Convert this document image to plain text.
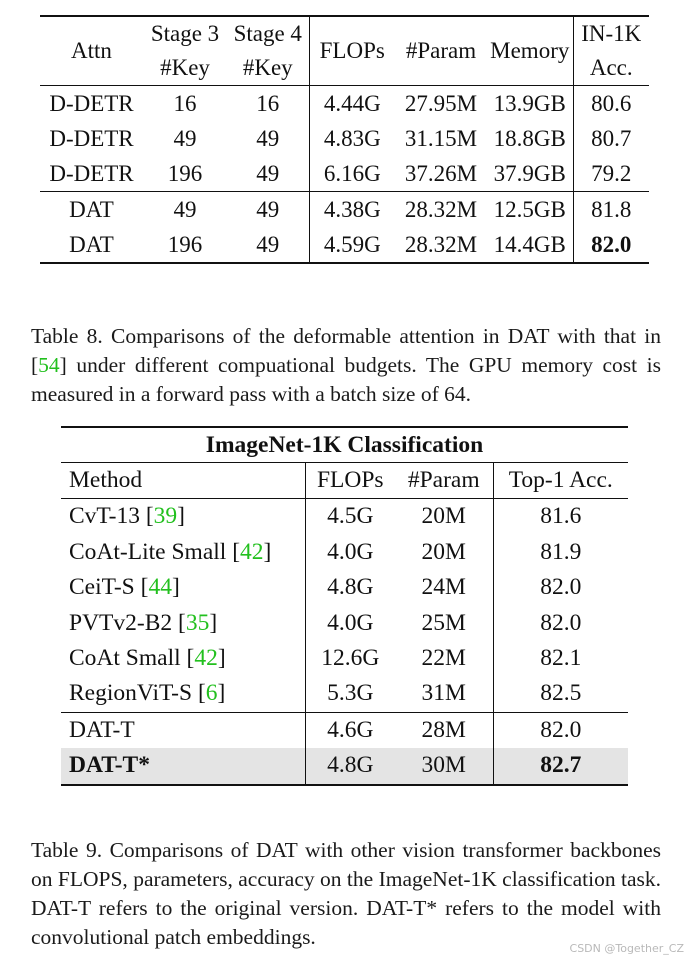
Attn	Stage 3	Stage 4	FLOPs	#Param	Memory	IN-1K
	#Key	#Key				Acc.
D-DETR	16	16	4.44G	27.95M	13.9GB	80.6
D-DETR	49	49	4.83G	31.15M	18.8GB	80.7
D-DETR	196	49	6.16G	37.26M	37.9GB	79.2
DAT	49	49	4.38G	28.32M	12.5GB	81.8
DAT	196	49	4.59G	28.32M	14.4GB	82.0
Table 8. Comparisons of the deformable attention in DAT with that in [54] under different compuational budgets. The GPU memory cost is measured in a forward pass with a batch size of 64.
ImageNet-1K Classification			
Method	FLOPs	#Param	Top-1 Acc.
CvT-13 [39]	4.5G	20M	81.6
CoAt-Lite Small [42]	4.0G	20M	81.9
CeiT-S [44]	4.8G	24M	82.0
PVTv2-B2 [35]	4.0G	25M	82.0
CoAt Small [42]	12.6G	22M	82.1
RegionViT-S [6]	5.3G	31M	82.5
DAT-T	4.6G	28M	82.0
DAT-T*	4.8G	30M	82.7
Table 9. Comparisons of DAT with other vision transformer backbones on FLOPS, parameters, accuracy on the ImageNet-1K classification task. DAT-T refers to the original version. DAT-T* refers to the model with convolutional patch embeddings.	CSDN @Together_CZ
